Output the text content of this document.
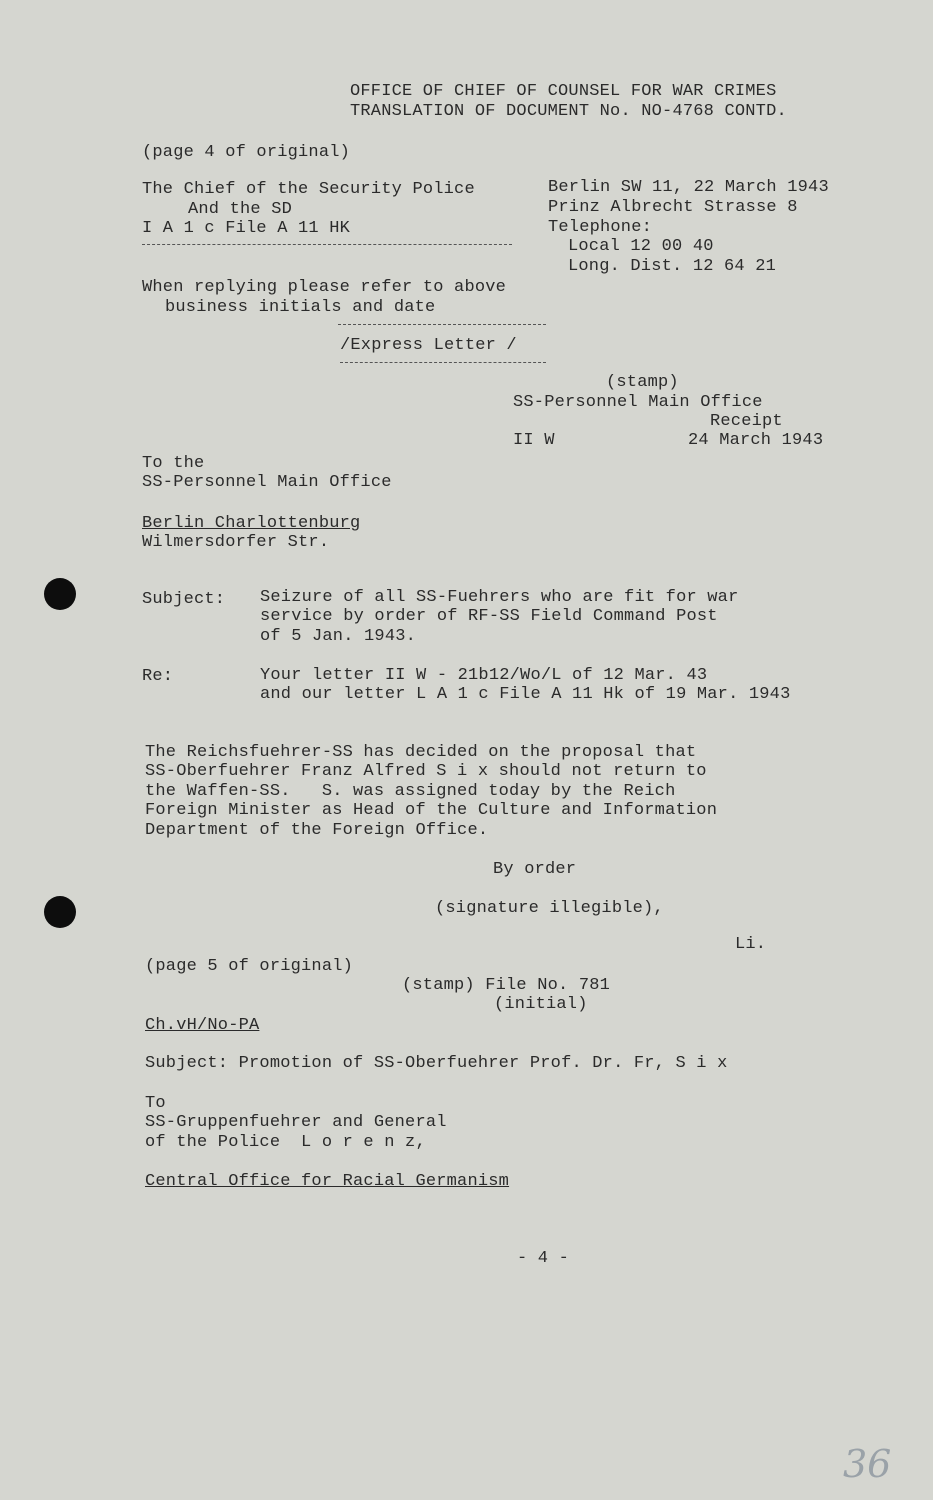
OFFICE OF CHIEF OF COUNSEL FOR WAR CRIMES
TRANSLATION OF DOCUMENT No. NO-4768 CONTD.
(page 4 of original)
The Chief of the Security Police
And the SD
I A 1 c File A 11 HK
Berlin SW 11, 22 March 1943
Prinz Albrecht Strasse 8
Telephone:
Local 12 00 40
Long. Dist. 12 64 21
When replying please refer to above
business initials and date
/Express Letter /
(stamp)
SS-Personnel Main Office
Receipt
II W	24 March 1943
To the
SS-Personnel Main Office
Berlin Charlottenburg
Wilmersdorfer Str.
Subject: Seizure of all SS-Fuehrers who are fit for war
service by order of RF-SS Field Command Post
of 5 Jan. 1943.
Re:	Your letter II W - 21b12/Wo/L of 12 Mar. 43
and our letter L A 1 c File A 11 Hk of 19 Mar. 1943
The Reichsfuehrer-SS has decided on the proposal that
SS-Oberfuehrer Franz Alfred S i x should not return to
the Waffen-SS.   S. was assigned today by the Reich
Foreign Minister as Head of the Culture and Information
Department of the Foreign Office.
By order
(signature illegible),
Li.
(page 5 of original)
(stamp) File No. 781
(initial)
Ch.vH/No-PA
Subject: Promotion of SS-Oberfuehrer Prof. Dr. Fr, S i x
To
SS-Gruppenfuehrer and General
of the Police  L o r e n z,
Central Office for Racial Germanism
- 4 -
36
